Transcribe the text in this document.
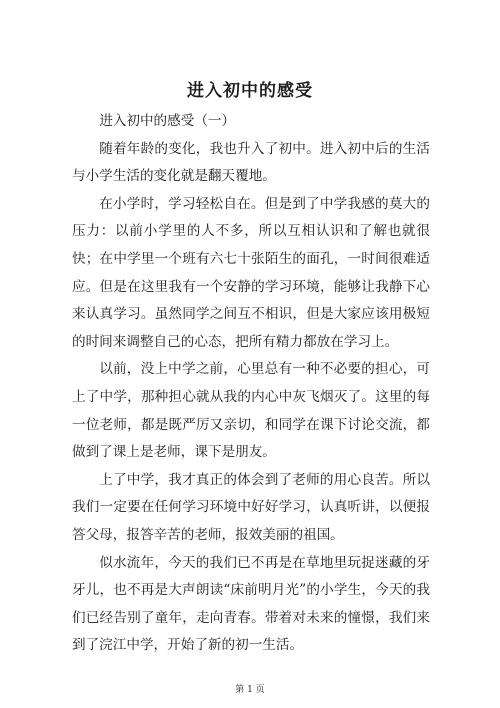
进入初中的感受

进入初中的感受（一）

随着年龄的变化，我也升入了初中。进入初中后的生活与小学生活的变化就是翻天覆地。

在小学时，学习轻松自在。但是到了中学我感的莫大的压力：以前小学里的人不多，所以互相认识和了解也就很快；在中学里一个班有六七十张陌生的面孔，一时间很难适应。但是在这里我有一个安静的学习环境，能够让我静下心来认真学习。虽然同学之间互不相识，但是大家应该用极短的时间来调整自己的心态，把所有精力都放在学习上。

以前，没上中学之前，心里总有一种不必要的担心，可上了中学，那种担心就从我的内心中灰飞烟灭了。这里的每一位老师，都是既严厉又亲切，和同学在课下讨论交流，都做到了课上是老师，课下是朋友。

上了中学，我才真正的体会到了老师的用心良苦。所以我们一定要在任何学习环境中好好学习，认真听讲，以便报答父母，报答辛苦的老师，报效美丽的祖国。

似水流年，今天的我们已不再是在草地里玩捉迷藏的牙牙儿，也不再是大声朗读“床前明月光”的小学生，今天的我们已经告别了童年，走向青春。带着对未来的憧憬，我们来到了浣江中学，开始了新的初一生活。

第 1 页
